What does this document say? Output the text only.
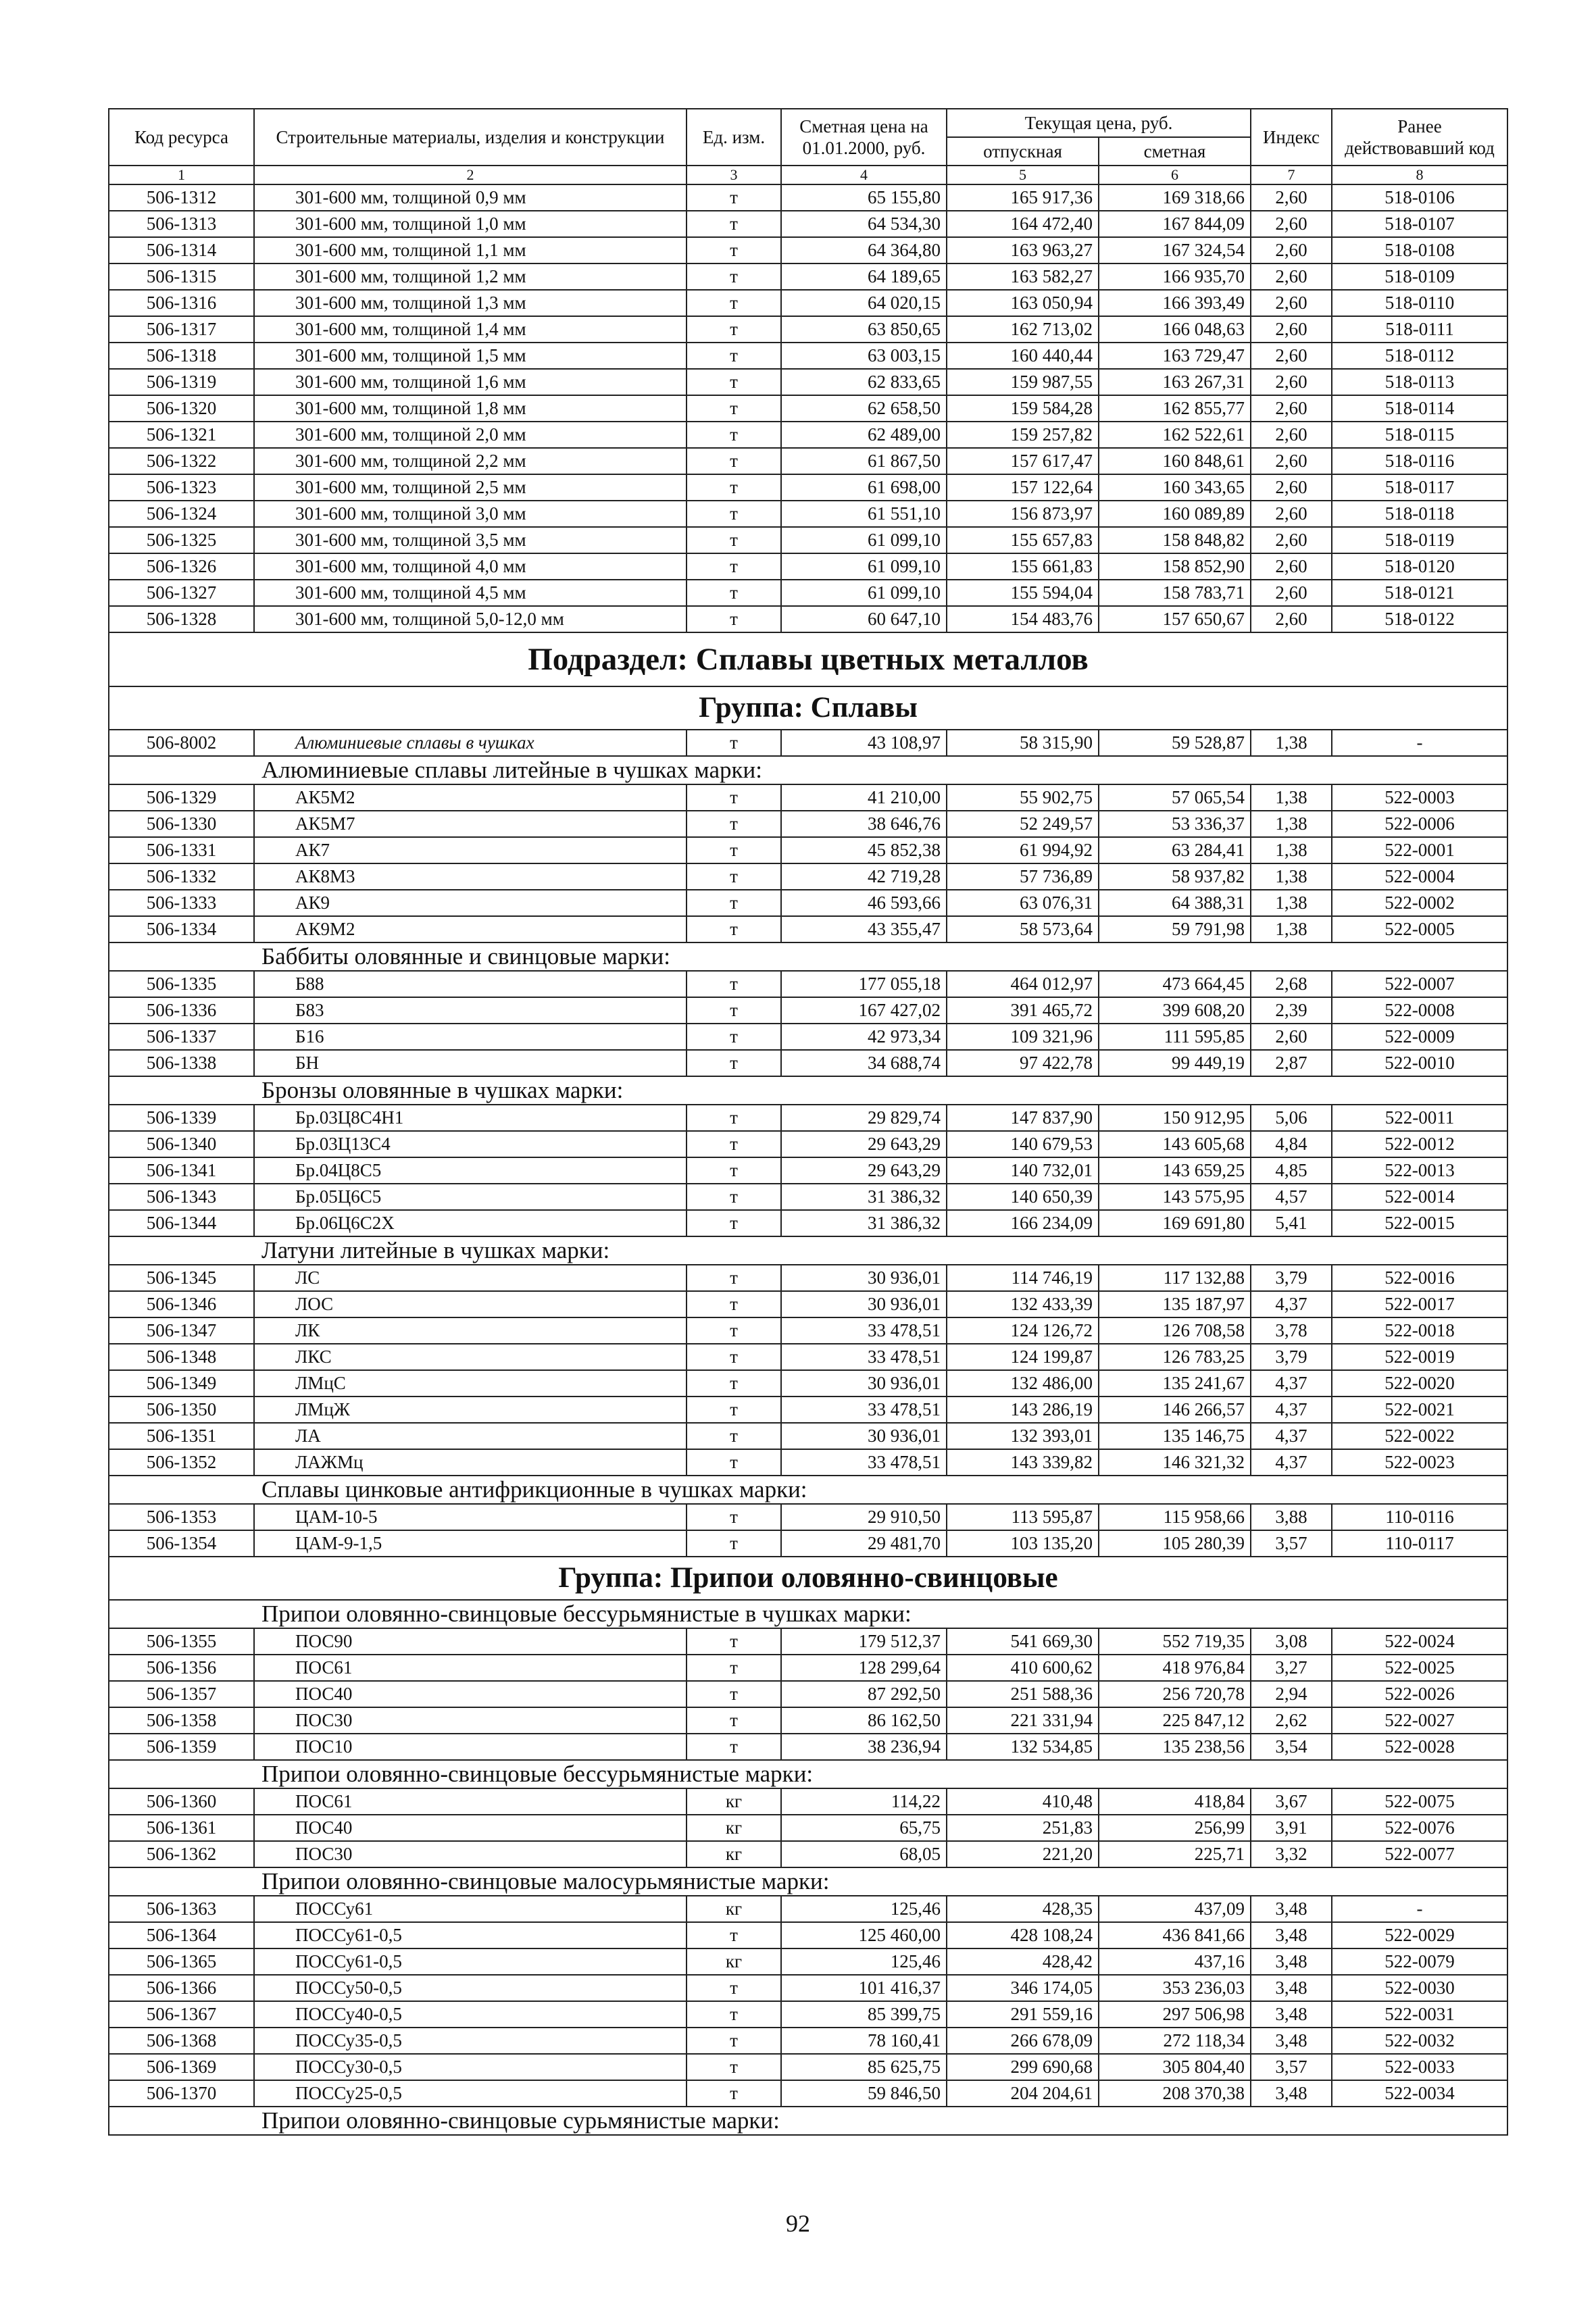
Код ресурса	Строительные материалы, изделия и конструкции	Ед. изм.	Сметная цена на 01.01.2000, руб.	Текущая цена, руб.		Индекс	Ранее действовавший код
				отпускная	сметная		
1	2	3	4	5	6	7	8
506-1312	301-600 мм, толщиной 0,9 мм	т	65 155,80	165 917,36	169 318,66	2,60	518-0106
506-1313	301-600 мм, толщиной 1,0 мм	т	64 534,30	164 472,40	167 844,09	2,60	518-0107
506-1314	301-600 мм, толщиной 1,1 мм	т	64 364,80	163 963,27	167 324,54	2,60	518-0108
506-1315	301-600 мм, толщиной 1,2 мм	т	64 189,65	163 582,27	166 935,70	2,60	518-0109
506-1316	301-600 мм, толщиной 1,3 мм	т	64 020,15	163 050,94	166 393,49	2,60	518-0110
506-1317	301-600 мм, толщиной 1,4 мм	т	63 850,65	162 713,02	166 048,63	2,60	518-0111
506-1318	301-600 мм, толщиной 1,5 мм	т	63 003,15	160 440,44	163 729,47	2,60	518-0112
506-1319	301-600 мм, толщиной 1,6 мм	т	62 833,65	159 987,55	163 267,31	2,60	518-0113
506-1320	301-600 мм, толщиной 1,8 мм	т	62 658,50	159 584,28	162 855,77	2,60	518-0114
506-1321	301-600 мм, толщиной 2,0 мм	т	62 489,00	159 257,82	162 522,61	2,60	518-0115
506-1322	301-600 мм, толщиной 2,2 мм	т	61 867,50	157 617,47	160 848,61	2,60	518-0116
506-1323	301-600 мм, толщиной 2,5 мм	т	61 698,00	157 122,64	160 343,65	2,60	518-0117
506-1324	301-600 мм, толщиной 3,0 мм	т	61 551,10	156 873,97	160 089,89	2,60	518-0118
506-1325	301-600 мм, толщиной 3,5 мм	т	61 099,10	155 657,83	158 848,82	2,60	518-0119
506-1326	301-600 мм, толщиной 4,0 мм	т	61 099,10	155 661,83	158 852,90	2,60	518-0120
506-1327	301-600 мм, толщиной 4,5 мм	т	61 099,10	155 594,04	158 783,71	2,60	518-0121
506-1328	301-600 мм, толщиной 5,0-12,0 мм	т	60 647,10	154 483,76	157 650,67	2,60	518-0122
Подраздел: Сплавы цветных металлов							
Группа: Сплавы							
506-8002	Алюминиевые сплавы в чушках	т	43 108,97	58 315,90	59 528,87	1,38	-
Алюминиевые сплавы литейные в чушках марки:							
506-1329	АК5М2	т	41 210,00	55 902,75	57 065,54	1,38	522-0003
506-1330	АК5М7	т	38 646,76	52 249,57	53 336,37	1,38	522-0006
506-1331	АК7	т	45 852,38	61 994,92	63 284,41	1,38	522-0001
506-1332	АК8М3	т	42 719,28	57 736,89	58 937,82	1,38	522-0004
506-1333	АК9	т	46 593,66	63 076,31	64 388,31	1,38	522-0002
506-1334	АК9М2	т	43 355,47	58 573,64	59 791,98	1,38	522-0005
Баббиты оловянные и свинцовые марки:							
506-1335	Б88	т	177 055,18	464 012,97	473 664,45	2,68	522-0007
506-1336	Б83	т	167 427,02	391 465,72	399 608,20	2,39	522-0008
506-1337	Б16	т	42 973,34	109 321,96	111 595,85	2,60	522-0009
506-1338	БН	т	34 688,74	97 422,78	99 449,19	2,87	522-0010
Бронзы оловянные в чушках марки:							
506-1339	Бр.03Ц8С4Н1	т	29 829,74	147 837,90	150 912,95	5,06	522-0011
506-1340	Бр.03Ц13С4	т	29 643,29	140 679,53	143 605,68	4,84	522-0012
506-1341	Бр.04Ц8С5	т	29 643,29	140 732,01	143 659,25	4,85	522-0013
506-1343	Бр.05Ц6С5	т	31 386,32	140 650,39	143 575,95	4,57	522-0014
506-1344	Бр.06Ц6С2Х	т	31 386,32	166 234,09	169 691,80	5,41	522-0015
Латуни литейные в чушках марки:							
506-1345	ЛС	т	30 936,01	114 746,19	117 132,88	3,79	522-0016
506-1346	ЛОС	т	30 936,01	132 433,39	135 187,97	4,37	522-0017
506-1347	ЛК	т	33 478,51	124 126,72	126 708,58	3,78	522-0018
506-1348	ЛКС	т	33 478,51	124 199,87	126 783,25	3,79	522-0019
506-1349	ЛМцС	т	30 936,01	132 486,00	135 241,67	4,37	522-0020
506-1350	ЛМцЖ	т	33 478,51	143 286,19	146 266,57	4,37	522-0021
506-1351	ЛА	т	30 936,01	132 393,01	135 146,75	4,37	522-0022
506-1352	ЛАЖМц	т	33 478,51	143 339,82	146 321,32	4,37	522-0023
Сплавы цинковые антифрикционные в чушках марки:							
506-1353	ЦАМ-10-5	т	29 910,50	113 595,87	115 958,66	3,88	110-0116
506-1354	ЦАМ-9-1,5	т	29 481,70	103 135,20	105 280,39	3,57	110-0117
Группа: Припои оловянно-свинцовые							
Припои оловянно-свинцовые бессурьмянистые в чушках марки:							
506-1355	ПОС90	т	179 512,37	541 669,30	552 719,35	3,08	522-0024
506-1356	ПОС61	т	128 299,64	410 600,62	418 976,84	3,27	522-0025
506-1357	ПОС40	т	87 292,50	251 588,36	256 720,78	2,94	522-0026
506-1358	ПОС30	т	86 162,50	221 331,94	225 847,12	2,62	522-0027
506-1359	ПОС10	т	38 236,94	132 534,85	135 238,56	3,54	522-0028
Припои оловянно-свинцовые бессурьмянистые марки:							
506-1360	ПОС61	кг	114,22	410,48	418,84	3,67	522-0075
506-1361	ПОС40	кг	65,75	251,83	256,99	3,91	522-0076
506-1362	ПОС30	кг	68,05	221,20	225,71	3,32	522-0077
Припои оловянно-свинцовые малосурьмянистые марки:							
506-1363	ПОССу61	кг	125,46	428,35	437,09	3,48	-
506-1364	ПОССу61-0,5	т	125 460,00	428 108,24	436 841,66	3,48	522-0029
506-1365	ПОССу61-0,5	кг	125,46	428,42	437,16	3,48	522-0079
506-1366	ПОССу50-0,5	т	101 416,37	346 174,05	353 236,03	3,48	522-0030
506-1367	ПОССу40-0,5	т	85 399,75	291 559,16	297 506,98	3,48	522-0031
506-1368	ПОССу35-0,5	т	78 160,41	266 678,09	272 118,34	3,48	522-0032
506-1369	ПОССу30-0,5	т	85 625,75	299 690,68	305 804,40	3,57	522-0033
506-1370	ПОССу25-0,5	т	59 846,50	204 204,61	208 370,38	3,48	522-0034
Припои оловянно-свинцовые сурьмянистые марки:							
92
